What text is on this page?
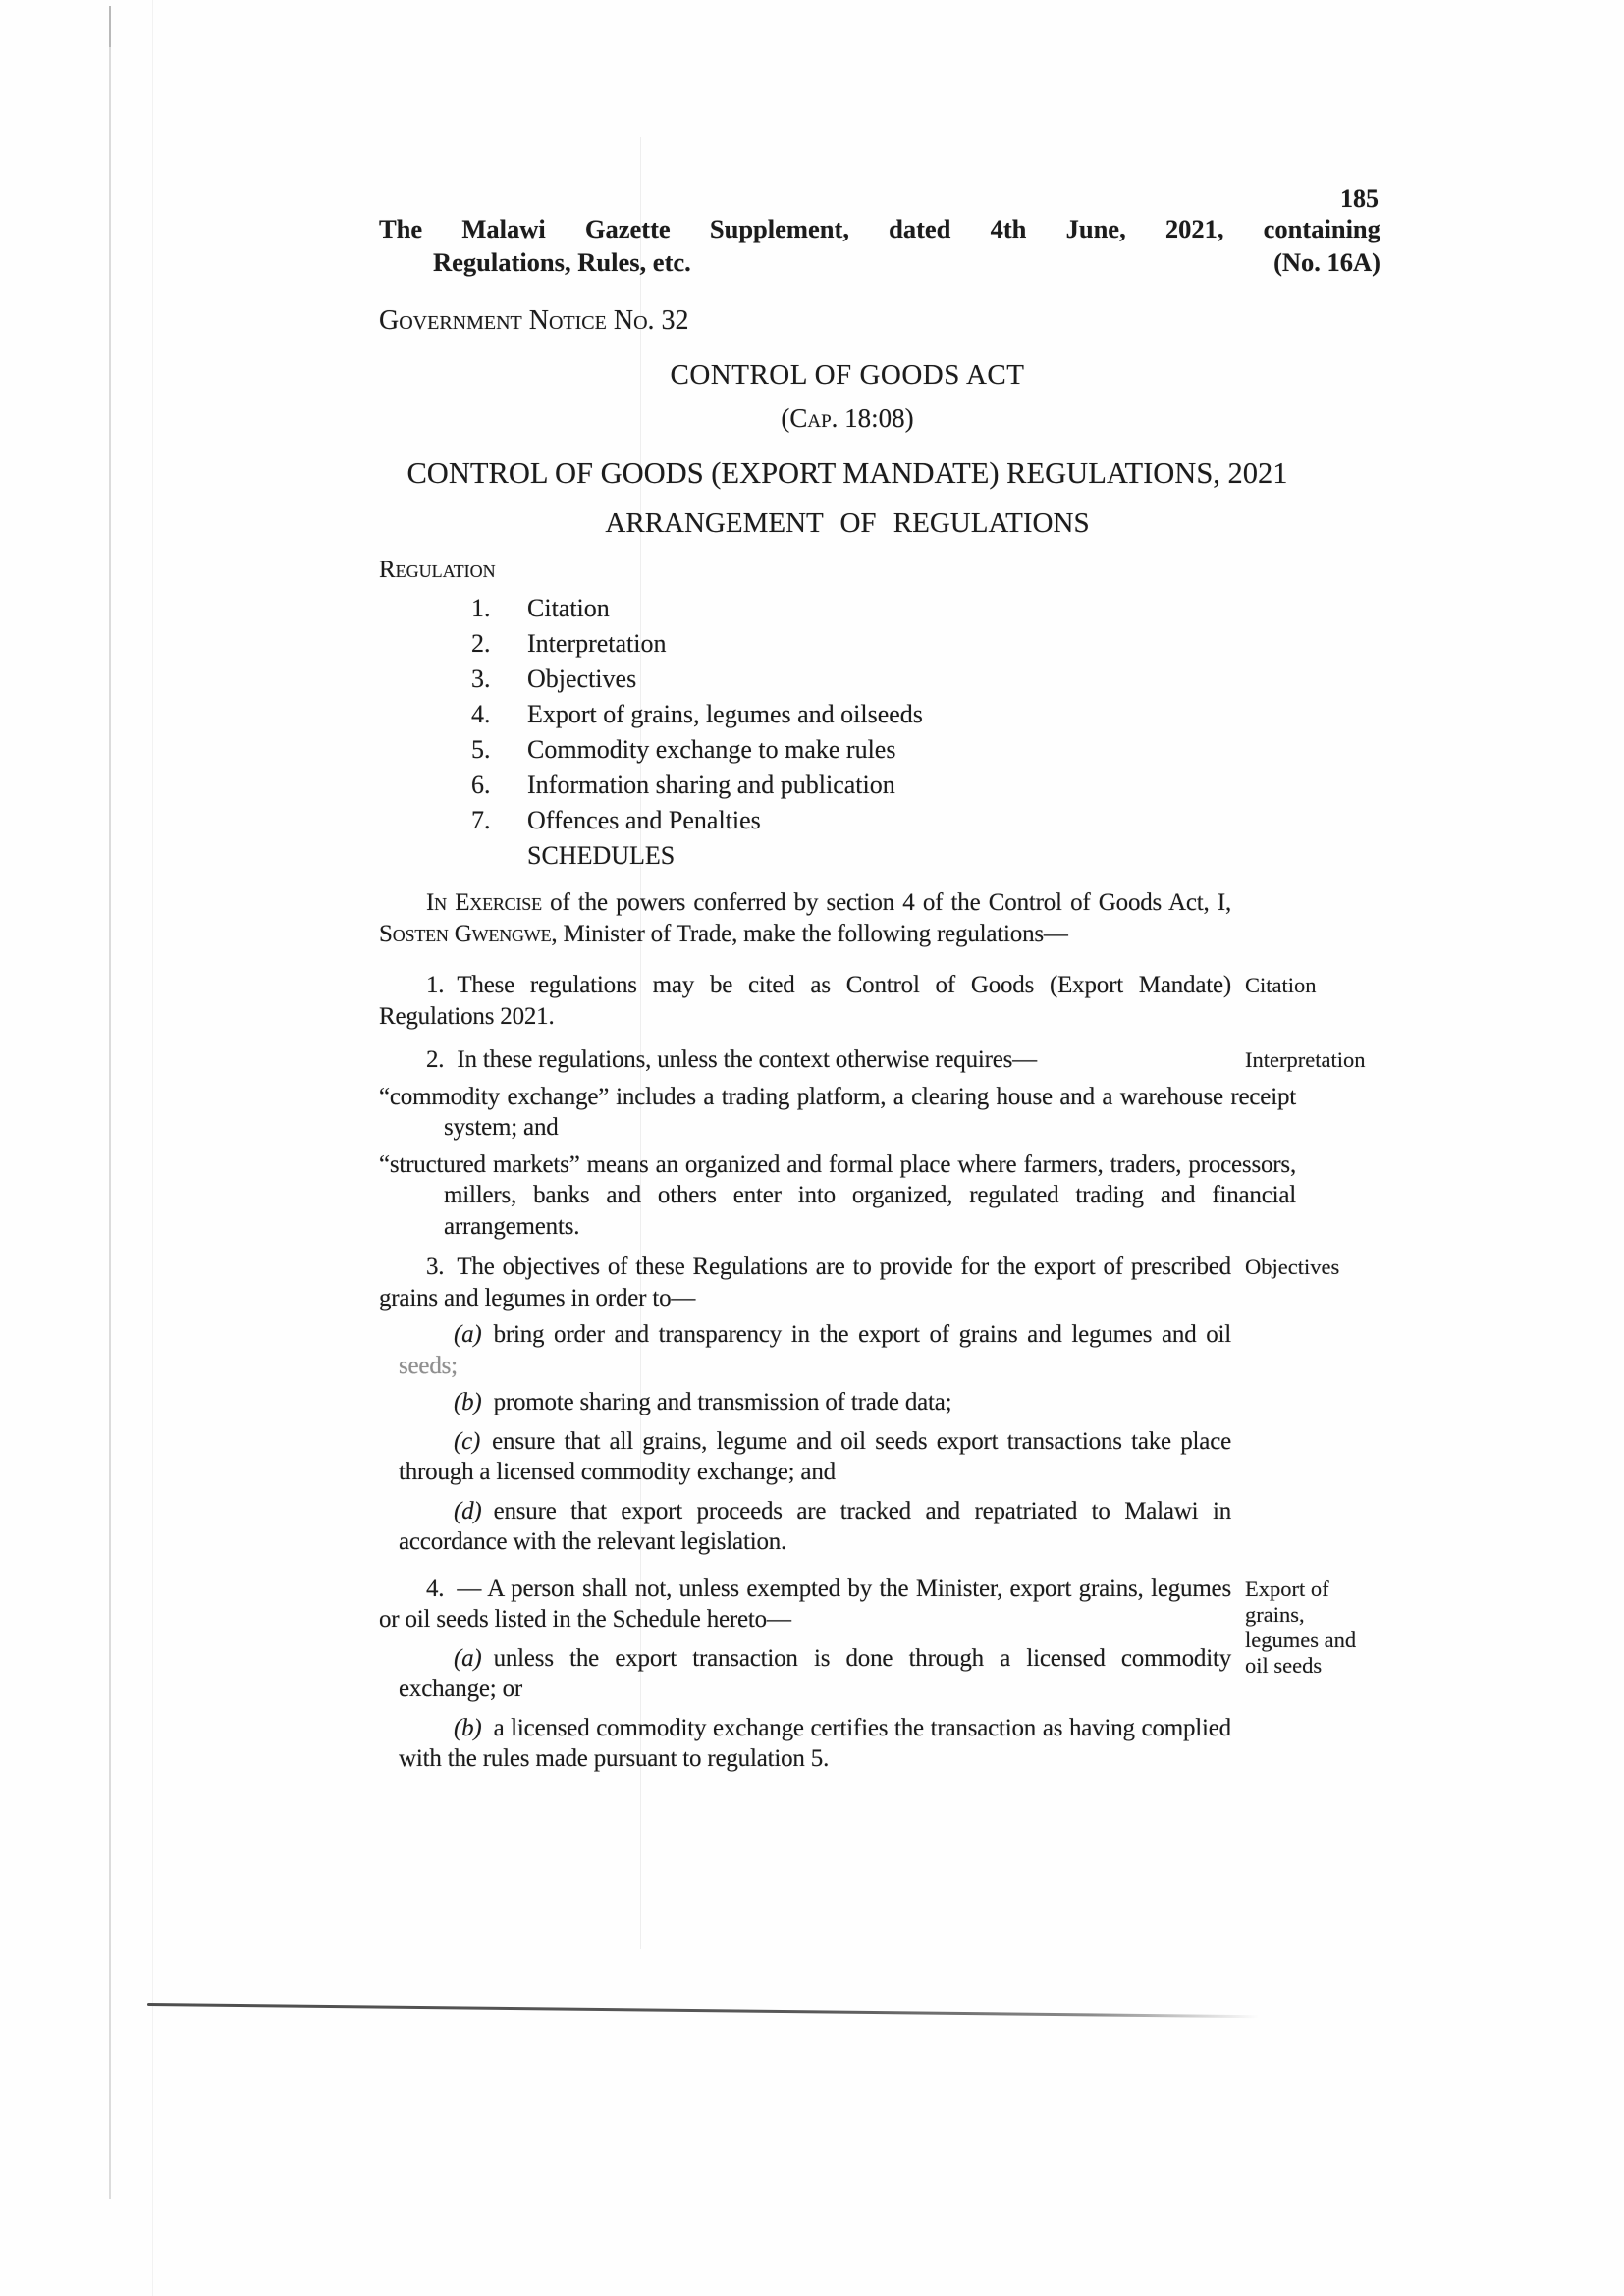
185
The Malawi Gazette Supplement, dated 4th June, 2021, containing
Regulations, Rules, etc.	(No. 16A)
Government Notice No. 32
CONTROL OF GOODS ACT
(Cap. 18:08)
CONTROL OF GOODS (EXPORT MANDATE) REGULATIONS, 2021
ARRANGEMENT OF REGULATIONS
Regulation
1.	Citation
2.	Interpretation
3.	Objectives
4.	Export of grains, legumes and oilseeds
5.	Commodity exchange to make rules
6.	Information sharing and publication
7.	Offences and Penalties
SCHEDULES

In Exercise of the powers conferred by section 4 of the Control of Goods Act, I, Sosten Gwengwe, Minister of Trade, make the following regulations—

1. These regulations may be cited as Control of Goods (Export Mandate) Regulations 2021.
Citation

2. In these regulations, unless the context otherwise requires—	Interpretation

“commodity exchange” includes a trading platform, a clearing house and a warehouse receipt system; and

“structured markets” means an organized and formal place where farmers, traders, processors, millers, banks and others enter into organized, regulated trading and financial arrangements.

3. The objectives of these Regulations are to provide for the export of prescribed grains and legumes in order to—
Objectives

(a) bring order and transparency in the export of grains and legumes and oil seeds;

(b) promote sharing and transmission of trade data;

(c) ensure that all grains, legume and oil seeds export transactions take place through a licensed commodity exchange; and

(d) ensure that export proceeds are tracked and repatriated to Malawi in accordance with the relevant legislation.

4. — A person shall not, unless exempted by the Minister, export grains, legumes or oil seeds listed in the Schedule hereto—
Export of grains, legumes and oil seeds

(a) unless the export transaction is done through a licensed commodity exchange; or

(b) a licensed commodity exchange certifies the transaction as having complied with the rules made pursuant to regulation 5.
